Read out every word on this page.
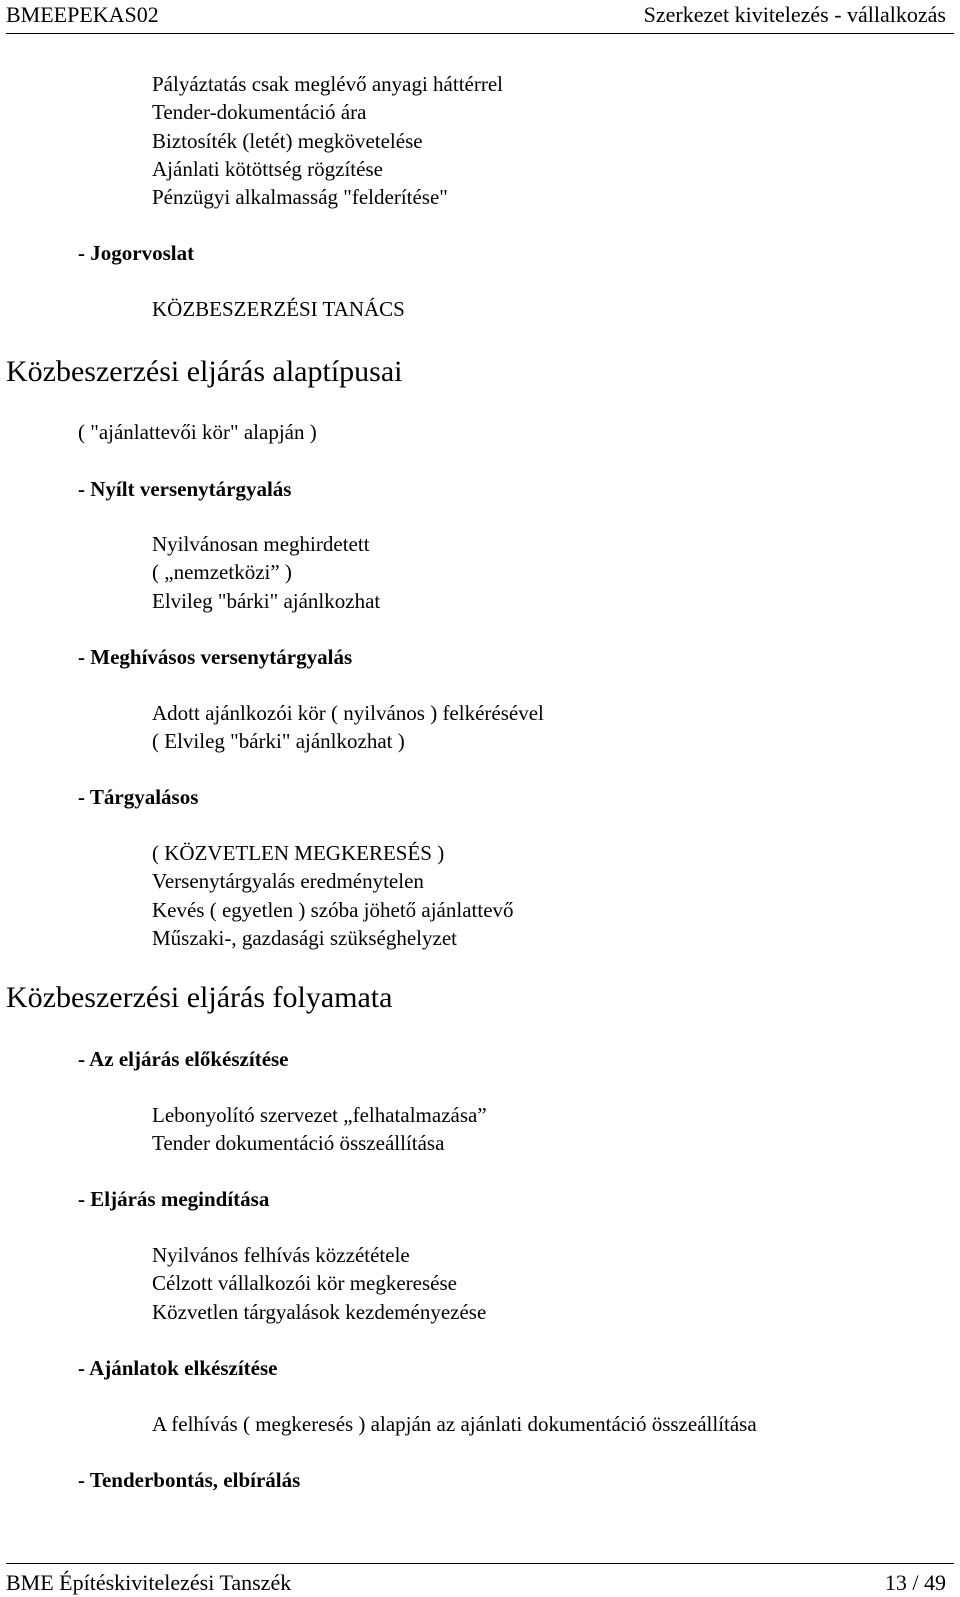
BMEEPEKAS02	Szerkezet kivitelezés - vállalkozás
Pályáztatás csak meglévő anyagi háttérrel
Tender-dokumentáció ára
Biztosíték (letét) megkövetelése
Ajánlati kötöttség rögzítése
Pénzügyi alkalmasság "felderítése"
- Jogorvoslat
KÖZBESZERZÉSI TANÁCS
Közbeszerzési eljárás alaptípusai
( "ajánlattevői kör" alapján )
- Nyílt versenytárgyalás
Nyilvánosan meghirdetett
( „nemzetközi” )
Elvileg "bárki" ajánlkozhat
- Meghívásos versenytárgyalás
Adott ajánlkozói kör ( nyilvános ) felkérésével
( Elvileg "bárki" ajánlkozhat )
- Tárgyalásos
( KÖZVETLEN MEGKERESÉS )
Versenytárgyalás eredménytelen
Kevés ( egyetlen ) szóba jöhető ajánlattevő
Műszaki-, gazdasági szükséghelyzet
Közbeszerzési eljárás folyamata
- Az eljárás előkészítése
Lebonyolító szervezet „felhatalmazása”
Tender dokumentáció összeállítása
- Eljárás megindítása
Nyilvános felhívás közzététele
Célzott vállalkozói kör megkeresése
Közvetlen tárgyalások kezdeményezése
- Ajánlatok elkészítése
A felhívás ( megkeresés ) alapján az ajánlati dokumentáció összeállítása
- Tenderbontás, elbírálás
BME Építéskivitelezési Tanszék	13 / 49
